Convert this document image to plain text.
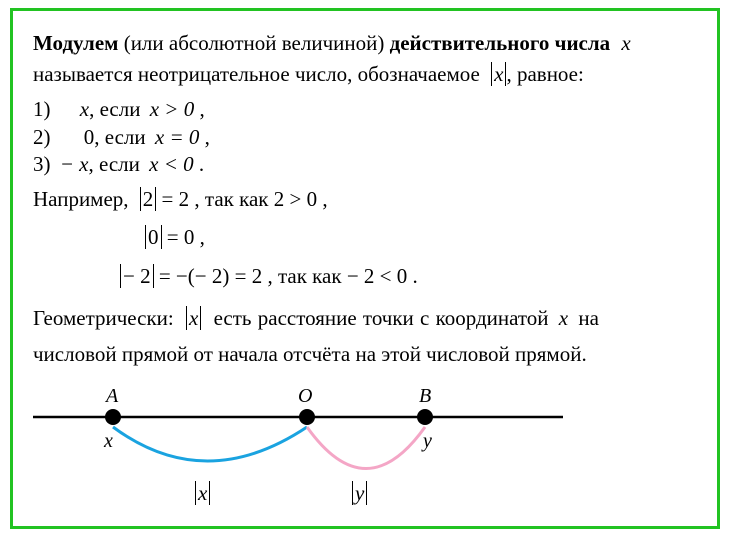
Модулем (или абсолютной величиной) действительного числа x
называется неотрицательное число, обозначаемое x , равное:
1) x, если x > 0 ,
2) 0, если x = 0 ,
3) − x, если x < 0 .
Например, 2 = 2 , так как 2 > 0 ,
0 = 0 ,
− 2 = −(− 2) = 2 , так как − 2 < 0 .
Геометрически: x есть расстояние точки с координатой x на
числовой прямой от начала отсчёта на этой числовой прямой.
A	O	B
x	y
x	y
